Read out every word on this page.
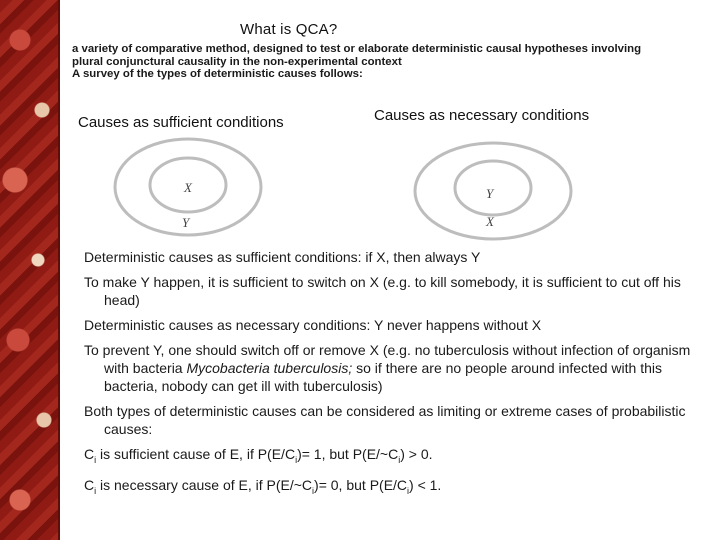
What is QCA?
a variety of comparative method, designed to test or elaborate deterministic causal hypotheses involving
plural conjunctural causality in the non-experimental context
A survey of the types of deterministic causes follows:
Causes as sufficient conditions	Causes as necessary conditions
X
Y
Y
X
Deterministic causes as sufficient conditions: if X, then always Y
To make Y happen, it is sufficient to switch on X (e.g. to kill somebody, it is sufficient to cut off his head)
Deterministic causes as necessary conditions: Y never happens without X
To prevent Y, one should switch off or remove X (e.g. no tuberculosis without infection of organism with bacteria Mycobacteria tuberculosis; so if there are no people around infected with this bacteria, nobody can get ill with tuberculosis)
Both types of deterministic causes can be considered as limiting or extreme cases of probabilistic causes:
$C_i$ is sufficient cause of E, if $P(E/C_i)= 1$, but $P(E/\sim C_i) > 0$.
$C_i$ is necessary cause of E, if $P(E/\sim C_i)= 0$, but $P(E/C_i) < 1$.
